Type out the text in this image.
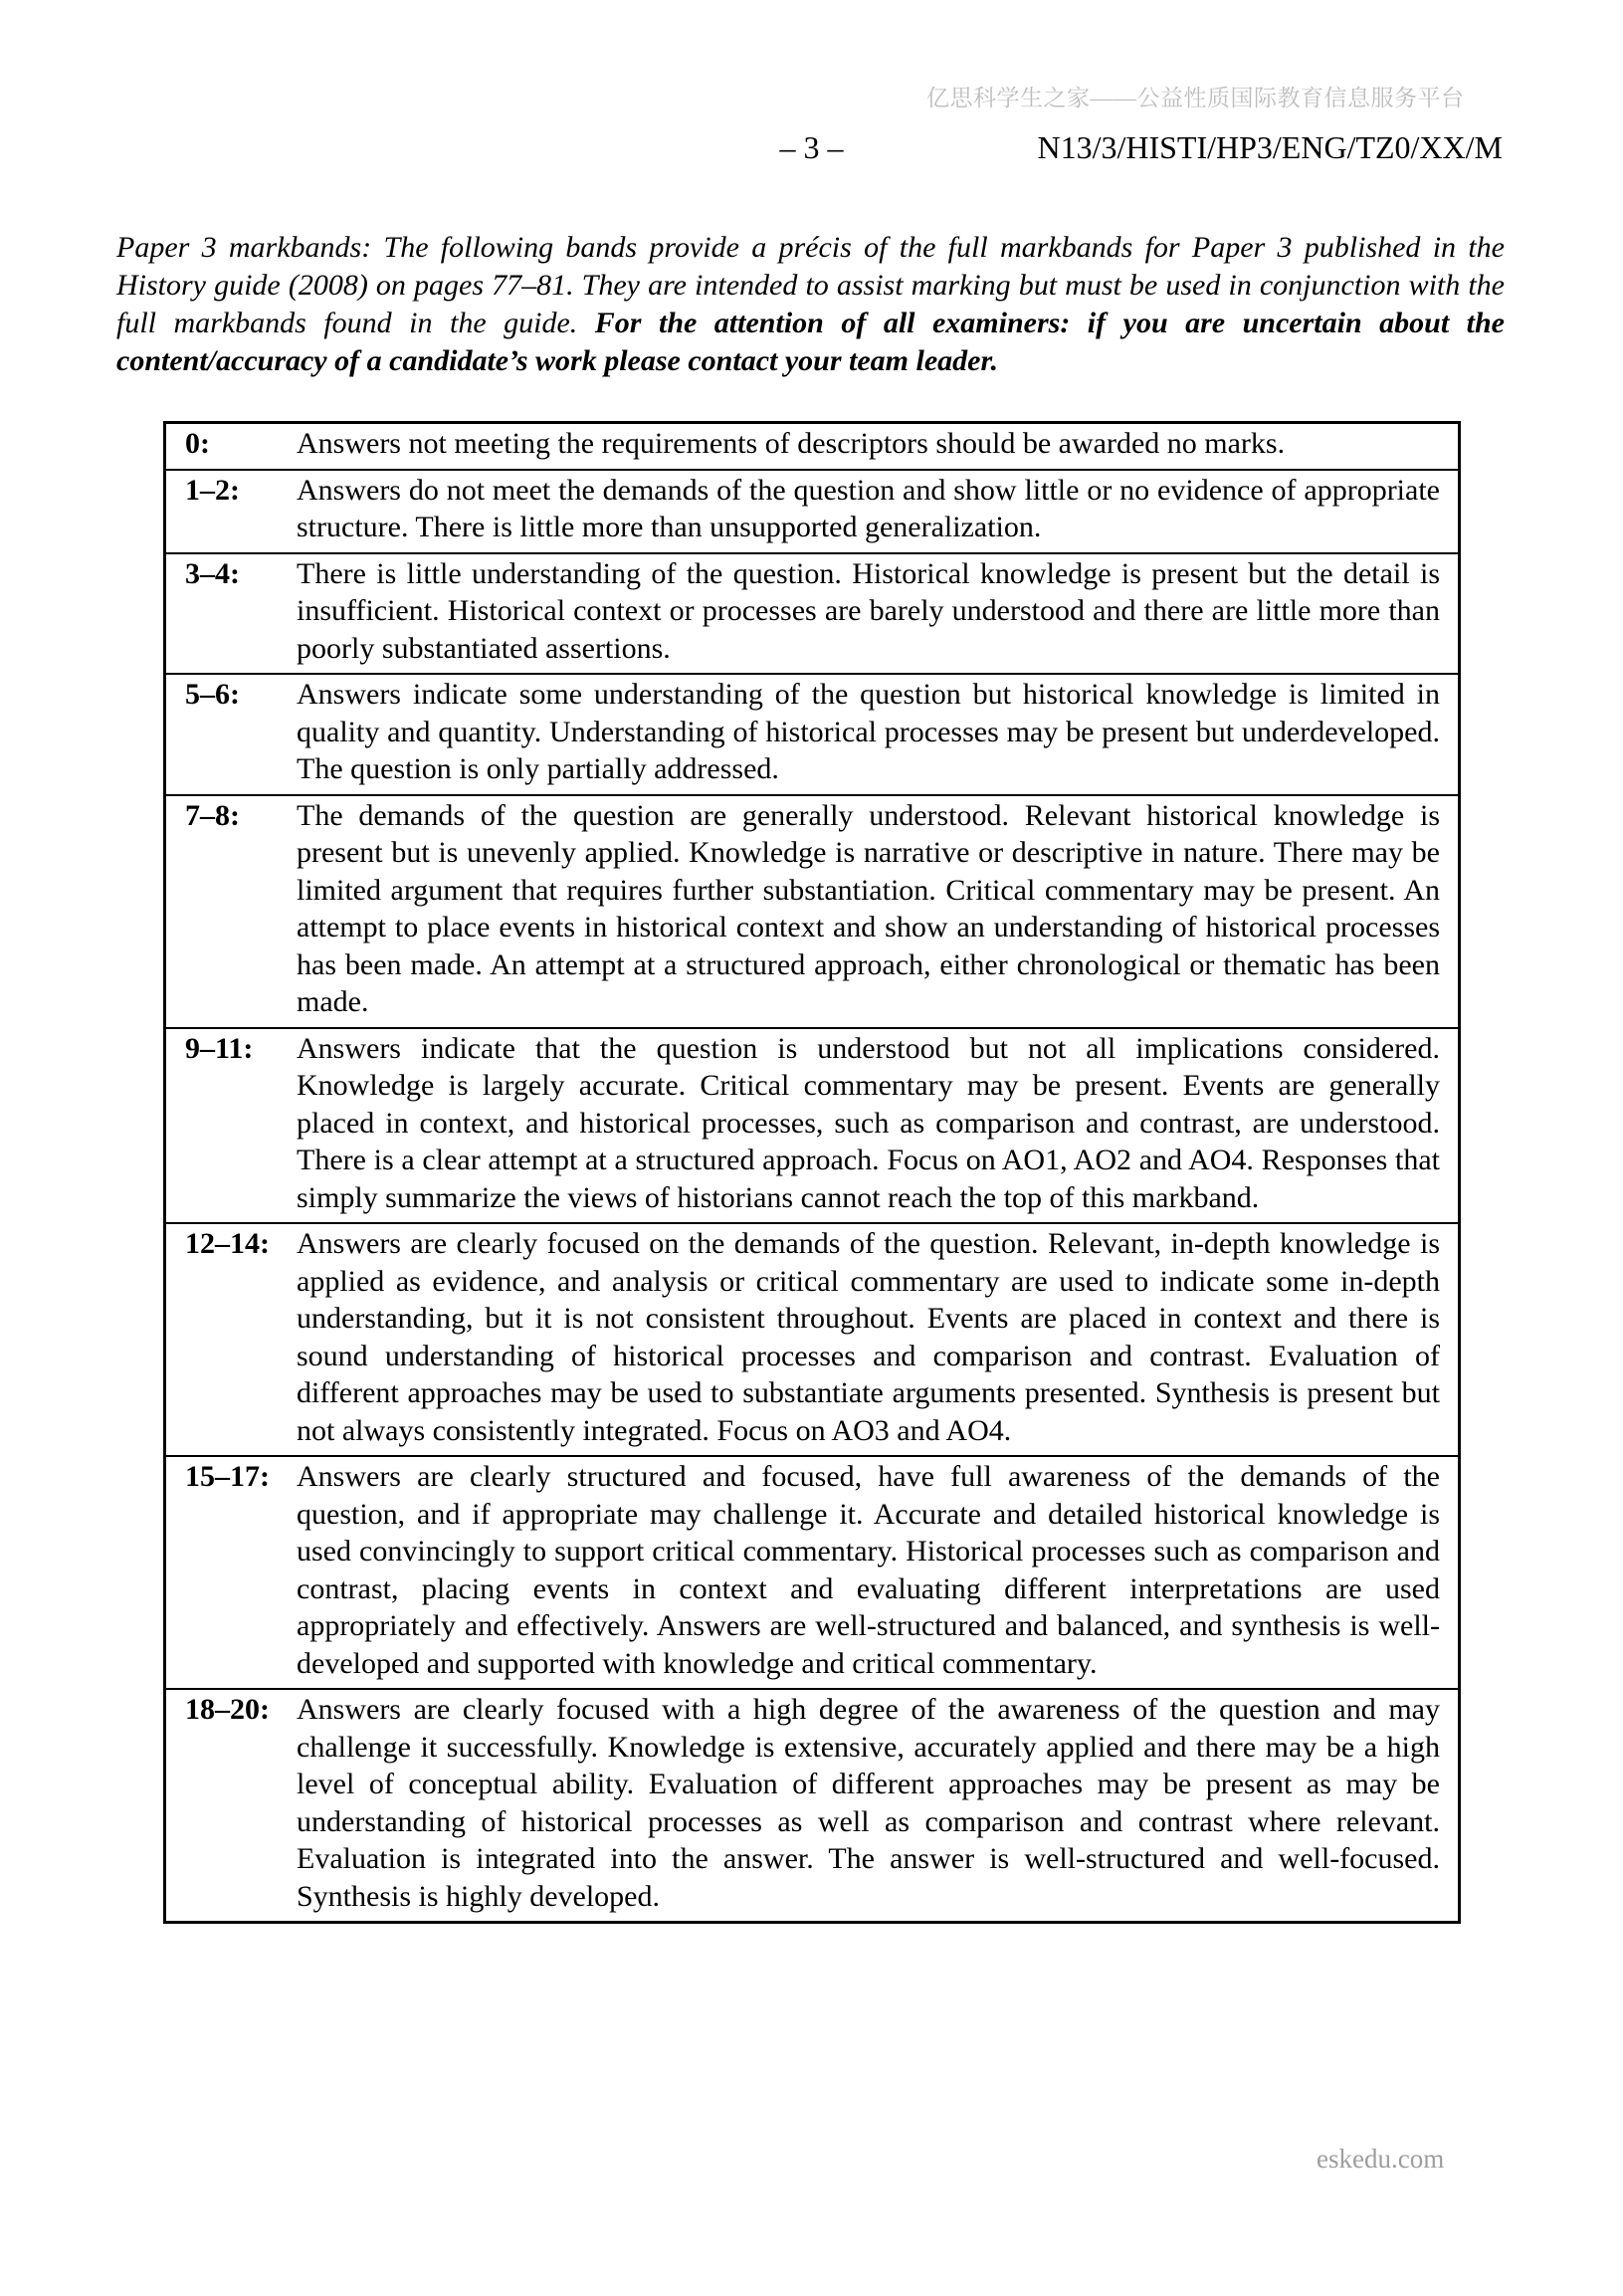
亿思科学生之家——公益性质国际教育信息服务平台
– 3 –	N13/3/HISTI/HP3/ENG/TZ0/XX/M

Paper 3 markbands: The following bands provide a précis of the full markbands for Paper 3 published in the History guide (2008) on pages 77–81. They are intended to assist marking but must be used in conjunction with the full markbands found in the guide. For the attention of all examiners: if you are uncertain about the content/accuracy of a candidate’s work please contact your team leader.

0:	Answers not meeting the requirements of descriptors should be awarded no marks.
1–2:	Answers do not meet the demands of the question and show little or no evidence of appropriate structure. There is little more than unsupported generalization.
3–4:	There is little understanding of the question. Historical knowledge is present but the detail is insufficient. Historical context or processes are barely understood and there are little more than poorly substantiated assertions.
5–6:	Answers indicate some understanding of the question but historical knowledge is limited in quality and quantity. Understanding of historical processes may be present but underdeveloped. The question is only partially addressed.
7–8:	The demands of the question are generally understood. Relevant historical knowledge is present but is unevenly applied. Knowledge is narrative or descriptive in nature. There may be limited argument that requires further substantiation. Critical commentary may be present. An attempt to place events in historical context and show an understanding of historical processes has been made. An attempt at a structured approach, either chronological or thematic has been made.
9–11:	Answers indicate that the question is understood but not all implications considered. Knowledge is largely accurate. Critical commentary may be present. Events are generally placed in context, and historical processes, such as comparison and contrast, are understood. There is a clear attempt at a structured approach. Focus on AO1, AO2 and AO4. Responses that simply summarize the views of historians cannot reach the top of this markband.
12–14:	Answers are clearly focused on the demands of the question. Relevant, in-depth knowledge is applied as evidence, and analysis or critical commentary are used to indicate some in-depth understanding, but it is not consistent throughout. Events are placed in context and there is sound understanding of historical processes and comparison and contrast. Evaluation of different approaches may be used to substantiate arguments presented. Synthesis is present but not always consistently integrated. Focus on AO3 and AO4.
15–17:	Answers are clearly structured and focused, have full awareness of the demands of the question, and if appropriate may challenge it. Accurate and detailed historical knowledge is used convincingly to support critical commentary. Historical processes such as comparison and contrast, placing events in context and evaluating different interpretations are used appropriately and effectively. Answers are well-structured and balanced, and synthesis is well-developed and supported with knowledge and critical commentary.
18–20:	Answers are clearly focused with a high degree of the awareness of the question and may challenge it successfully. Knowledge is extensive, accurately applied and there may be a high level of conceptual ability. Evaluation of different approaches may be present as may be understanding of historical processes as well as comparison and contrast where relevant. Evaluation is integrated into the answer. The answer is well-structured and well-focused. Synthesis is highly developed.
eskedu.com
